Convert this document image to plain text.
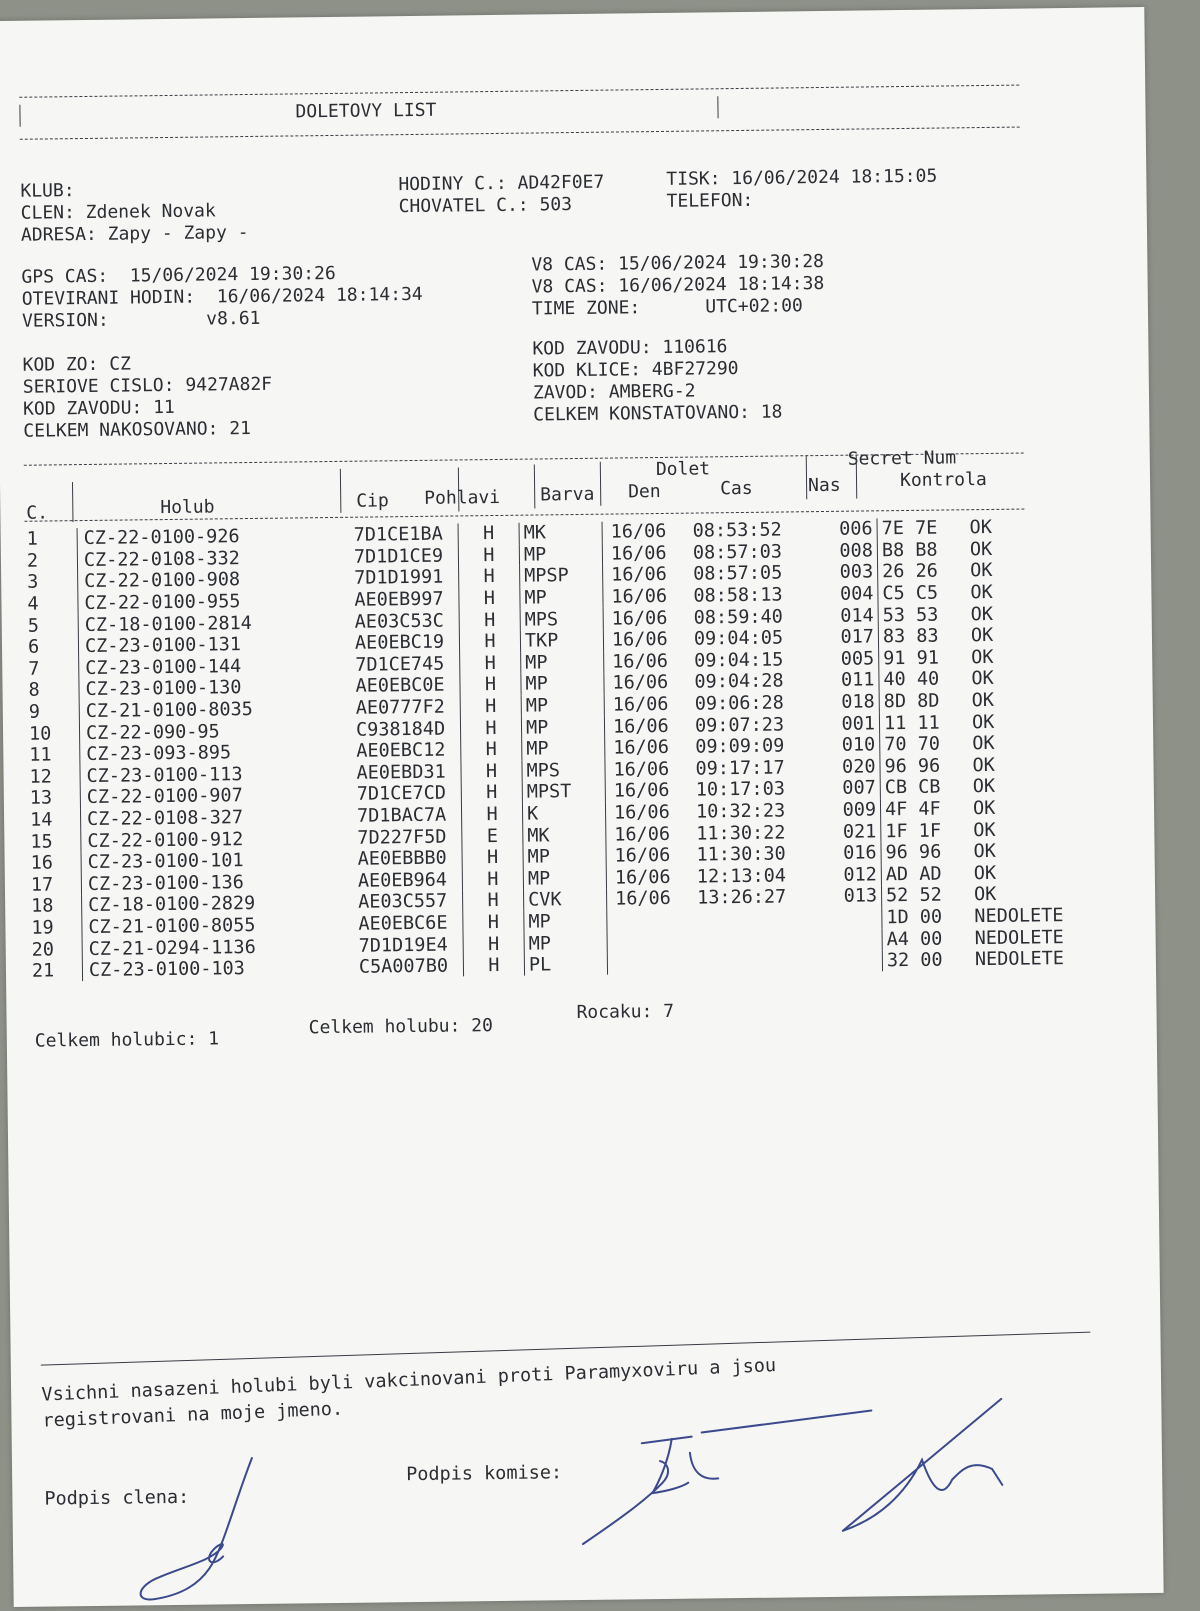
DOLETOVY LIST
KLUB:
CLEN: Zdenek Novak
ADRESA: Zapy - Zapy -
HODINY C.: AD42F0E7
CHOVATEL C.: 503
TISK: 16/06/2024 18:15:05
TELEFON:
GPS CAS:  15/06/2024 19:30:26
OTEVIRANI HODIN:  16/06/2024 18:14:34
VERSION:         v8.61
V8 CAS: 15/06/2024 19:30:28
V8 CAS: 16/06/2024 18:14:38
TIME ZONE:      UTC+02:00
KOD ZO: CZ
SERIOVE CISLO: 9427A82F
KOD ZAVODU: 11
CELKEM NAKOSOVANO: 21
KOD ZAVODU: 110616
KOD KLICE: 4BF27290
ZAVOD: AMBERG-2
CELKEM KONSTATOVANO: 18
C.	Holub	Cip Pohlavi Barva
Dolet
Den	Cas	Nas
Secret Num
Kontrola
1	CZ-22-0100-926	7D1CE1BA	H	MK	16/06	08:53:52	006	7E 7E	OK
2	CZ-22-0108-332	7D1D1CE9	H	MP	16/06	08:57:03	008	B8 B8	OK
3	CZ-22-0100-908	7D1D1991	H	MPSP	16/06	08:57:05	003	26 26	OK
4	CZ-22-0100-955	AE0EB997	H	MP	16/06	08:58:13	004	C5 C5	OK
5	CZ-18-0100-2814	AE03C53C	H	MPS	16/06	08:59:40	014	53 53	OK
6	CZ-23-0100-131	AE0EBC19	H	TKP	16/06	09:04:05	017	83 83	OK
7	CZ-23-0100-144	7D1CE745	H	MP	16/06	09:04:15	005	91 91	OK
8	CZ-23-0100-130	AE0EBC0E	H	MP	16/06	09:04:28	011	40 40	OK
9	CZ-21-0100-8035	AE0777F2	H	MP	16/06	09:06:28	018	8D 8D	OK
10	CZ-22-090-95	C938184D	H	MP	16/06	09:07:23	001	11 11	OK
11	CZ-23-093-895	AE0EBC12	H	MP	16/06	09:09:09	010	70 70	OK
12	CZ-23-0100-113	AE0EBD31	H	MPS	16/06	09:17:17	020	96 96	OK
13	CZ-22-0100-907	7D1CE7CD	H	MPST	16/06	10:17:03	007	CB CB	OK
14	CZ-22-0108-327	7D1BAC7A	H	K	16/06	10:32:23	009	4F 4F	OK
15	CZ-22-0100-912	7D227F5D	E	MK	16/06	11:30:22	021	1F 1F	OK
16	CZ-23-0100-101	AE0EBBB0	H	MP	16/06	11:30:30	016	96 96	OK
17	CZ-23-0100-136	AE0EB964	H	MP	16/06	12:13:04	012	AD AD	OK
18	CZ-18-0100-2829	AE03C557	H	CVK	16/06	13:26:27	013	52 52	OK
19	CZ-21-0100-8055	AE0EBC6E	H	MP				1D 00	NEDOLETE
20	CZ-21-O294-1136	7D1D19E4	H	MP				A4 00	NEDOLETE
21	CZ-23-0100-103	C5A007B0	H	PL				32 00	NEDOLETE
Celkem holubic: 1
Celkem holubu: 20
Rocaku: 7
Vsichni nasazeni holubi byli vakcinovani proti Paramyxoviru a jsou
registrovani na moje jmeno.
Podpis clena:
Podpis komise:
